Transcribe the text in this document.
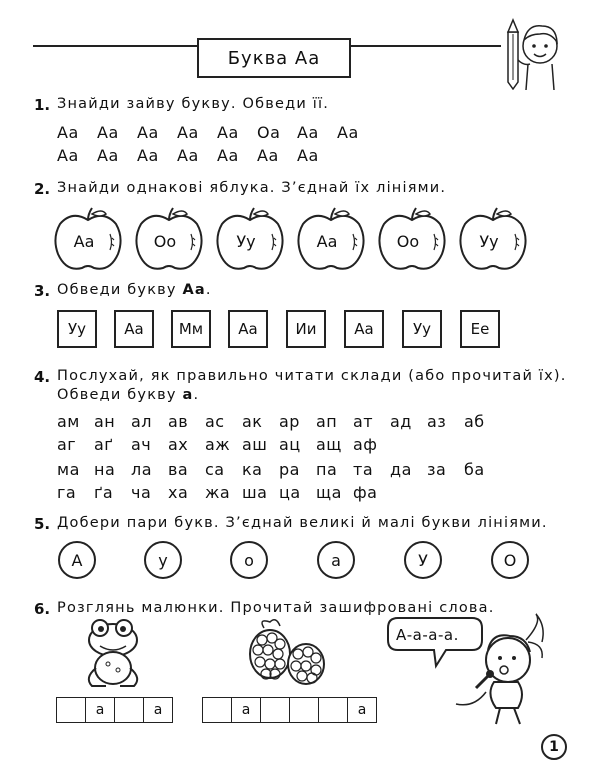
Буква Аа
1. Знайди зайву букву. Обведи її.
Аа	Аа	Аа	Аа	Аа	Оа	Аа	Аа
Аа	Аа	Аа	Аа	Аа	Аа	Аа
2. Знайди однакові яблука. З’єднай їх лініями.
Аа	Оо	Уу	Аа	Оо	Уу
3. Обведи букву Аа.
Уу	Аа	Мм	Аа	Ии	Аа	Уу	Ее
4. Послухай, як правильно читати склади (або прочитай їх).
Обведи букву а.
ам ан ал ав	ас	ак	ар	ап ат	ад аз	аб
аг	аґ	ач	ах	аж аш ац ащ аф
ма на ла ва	са	ка	ра	па та	да за	ба
га	ґа	ча	ха	жа ша ца ща фа
5. Добери пари букв. З’єднай великі й малі букви лініями.
А	у	о	а	У	О
6. Розглянь малюнки. Прочитай зашифровані слова.
А-а-а-а.
а	а	а	а
1
